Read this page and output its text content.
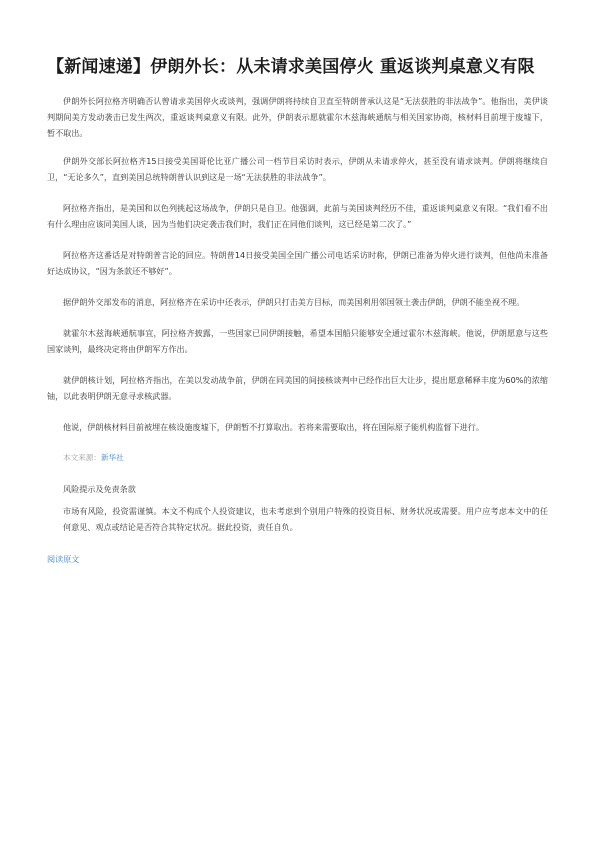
【新闻速递】伊朗外长：从未请求美国停火 重返谈判桌意义有限

伊朗外长阿拉格齐明确否认曾请求美国停火或谈判，强调伊朗将持续自卫直至特朗普承认这是“无法获胜的非法战争”。他指出，美伊谈判期间美方发动袭击已发生两次，重返谈判桌意义有限。此外，伊朗表示愿就霍尔木兹海峡通航与相关国家协商，核材料目前埋于废墟下，暂不取出。

伊朗外交部长阿拉格齐15日接受美国哥伦比亚广播公司一档节目采访时表示，伊朗从未请求停火，甚至没有请求谈判。伊朗将继续自卫，“无论多久”，直到美国总统特朗普认识到这是一场“无法获胜的非法战争”。

阿拉格齐指出，是美国和以色列挑起这场战争，伊朗只是自卫。他强调，此前与美国谈判经历不佳，重返谈判桌意义有限。“我们看不出有什么理由应该同美国人谈，因为当他们决定袭击我们时，我们正在同他们谈判，这已经是第二次了。”

阿拉格齐这番话是对特朗普言论的回应。特朗普14日接受美国全国广播公司电话采访时称，伊朗已准备为停火进行谈判，但他尚未准备好达成协议，“因为条款还不够好”。

据伊朗外交部发布的消息，阿拉格齐在采访中还表示，伊朗只打击美方目标，而美国利用邻国领土袭击伊朗，伊朗不能坐视不理。

就霍尔木兹海峡通航事宜，阿拉格齐披露，一些国家已同伊朗接触，希望本国船只能够安全通过霍尔木兹海峡。他说，伊朗愿意与这些国家谈判，最终决定将由伊朗军方作出。

就伊朗核计划，阿拉格齐指出，在美以发动战争前，伊朗在同美国的间接核谈判中已经作出巨大让步，提出愿意稀释丰度为60%的浓缩铀，以此表明伊朗无意寻求核武器。

他说，伊朗核材料目前被埋在核设施废墟下，伊朗暂不打算取出。若将来需要取出，将在国际原子能机构监督下进行。

本文来源：新华社

风险提示及免责条款

市场有风险，投资需谨慎。本文不构成个人投资建议，也未考虑到个别用户特殊的投资目标、财务状况或需要。用户应考虑本文中的任何意见、观点或结论是否符合其特定状况。据此投资，责任自负。

阅读原文
